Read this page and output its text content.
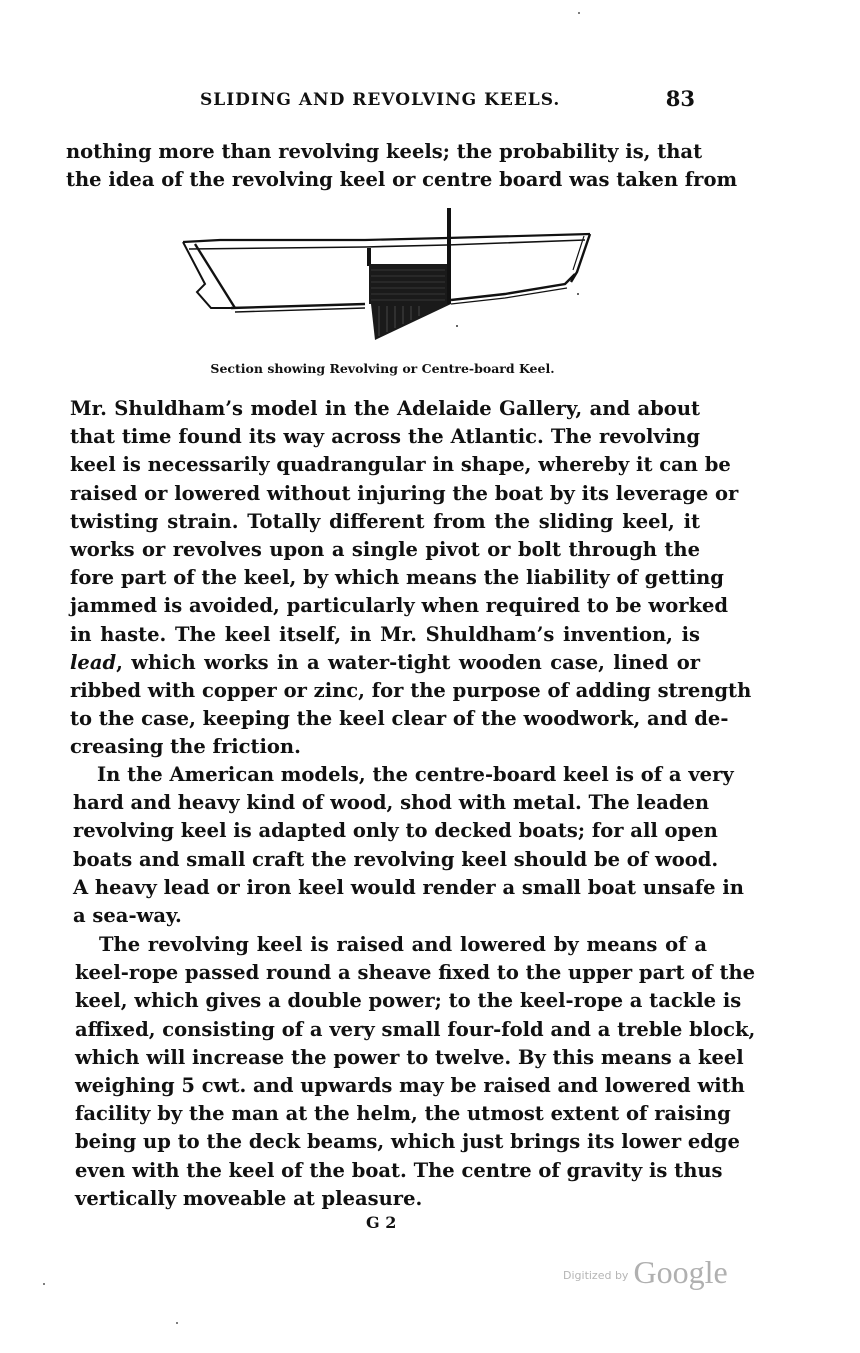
SLIDING AND REVOLVING KEELS.	83
nothing more than revolving keels; the probability is, that
the idea of the revolving keel or centre board was taken from
Section showing Revolving or Centre-board Keel.
Mr. Shuldham’s model in the Adelaide Gallery, and about
that time found its way across the Atlantic. The revolving
keel is necessarily quadrangular in shape, whereby it can be
raised or lowered without injuring the boat by its leverage or
twisting strain. Totally different from the sliding keel, it
works or revolves upon a single pivot or bolt through the
fore part of the keel, by which means the liability of getting
jammed is avoided, particularly when required to be worked
in haste. The keel itself, in Mr. Shuldham’s invention, is
lead, which works in a water-tight wooden case, lined or
ribbed with copper or zinc, for the purpose of adding strength
to the case, keeping the keel clear of the woodwork, and de-
creasing the friction.
In the American models, the centre-board keel is of a very
hard and heavy kind of wood, shod with metal. The leaden
revolving keel is adapted only to decked boats; for all open
boats and small craft the revolving keel should be of wood.
A heavy lead or iron keel would render a small boat unsafe in
a sea-way.
The revolving keel is raised and lowered by means of a
keel-rope passed round a sheave fixed to the upper part of the
keel, which gives a double power; to the keel-rope a tackle is
affixed, consisting of a very small four-fold and a treble block,
which will increase the power to twelve. By this means a keel
weighing 5 cwt. and upwards may be raised and lowered with
facility by the man at the helm, the utmost extent of raising
being up to the deck beams, which just brings its lower edge
even with the keel of the boat. The centre of gravity is thus
vertically moveable at pleasure.
G 2
$^{Digitized by}$ Google
